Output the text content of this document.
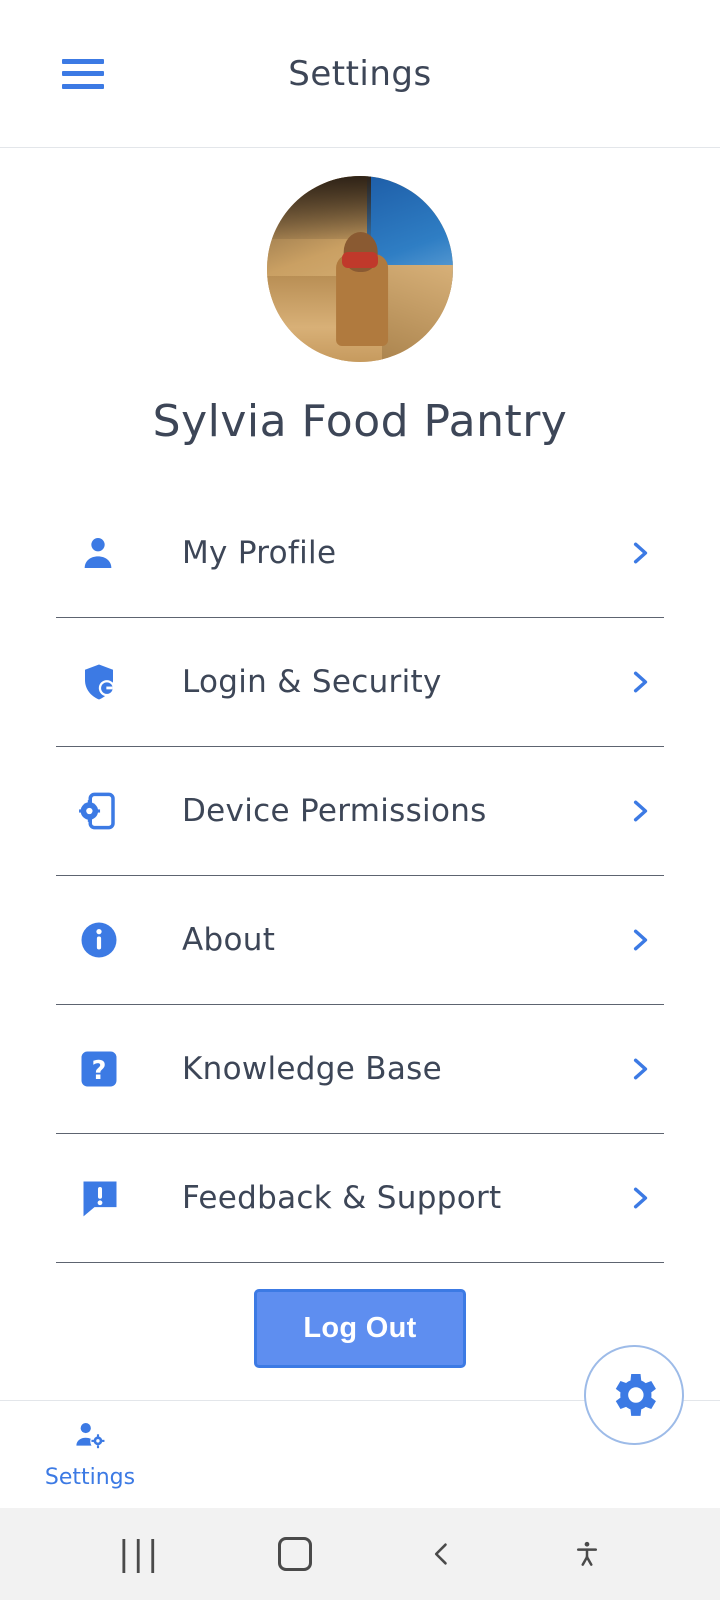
Settings
Sylvia Food Pantry
My Profile
Login & Security
Device Permissions
About
? Knowledge Base
Feedback & Support
Log Out
Settings
|||
